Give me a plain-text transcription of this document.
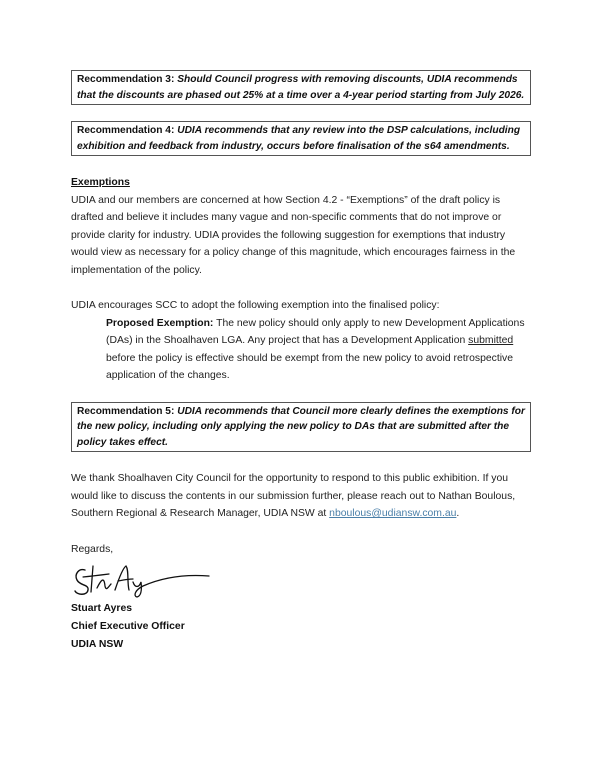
Recommendation 3: Should Council progress with removing discounts, UDIA recommends that the discounts are phased out 25% at a time over a 4-year period starting from July 2026.
Recommendation 4: UDIA recommends that any review into the DSP calculations, including exhibition and feedback from industry, occurs before finalisation of the s64 amendments.
Exemptions

UDIA and our members are concerned at how Section 4.2 - “Exemptions” of the draft policy is drafted and believe it includes many vague and non-specific comments that do not improve or provide clarity for industry. UDIA provides the following suggestion for exemptions that industry would view as necessary for a policy change of this magnitude, which encourages fairness in the implementation of the policy.

UDIA encourages SCC to adopt the following exemption into the finalised policy:

Proposed Exemption: The new policy should only apply to new Development Applications (DAs) in the Shoalhaven LGA. Any project that has a Development Application submitted before the policy is effective should be exempt from the new policy to avoid retrospective application of the changes.

Recommendation 5: UDIA recommends that Council more clearly defines the exemptions for the new policy, including only applying the new policy to DAs that are submitted after the policy takes effect.

We thank Shoalhaven City Council for the opportunity to respond to this public exhibition. If you would like to discuss the contents in our submission further, please reach out to Nathan Boulous, Southern Regional & Research Manager, UDIA NSW at nboulous@udiansw.com.au.

Regards,

Stuart Ayres
Chief Executive Officer
UDIA NSW
